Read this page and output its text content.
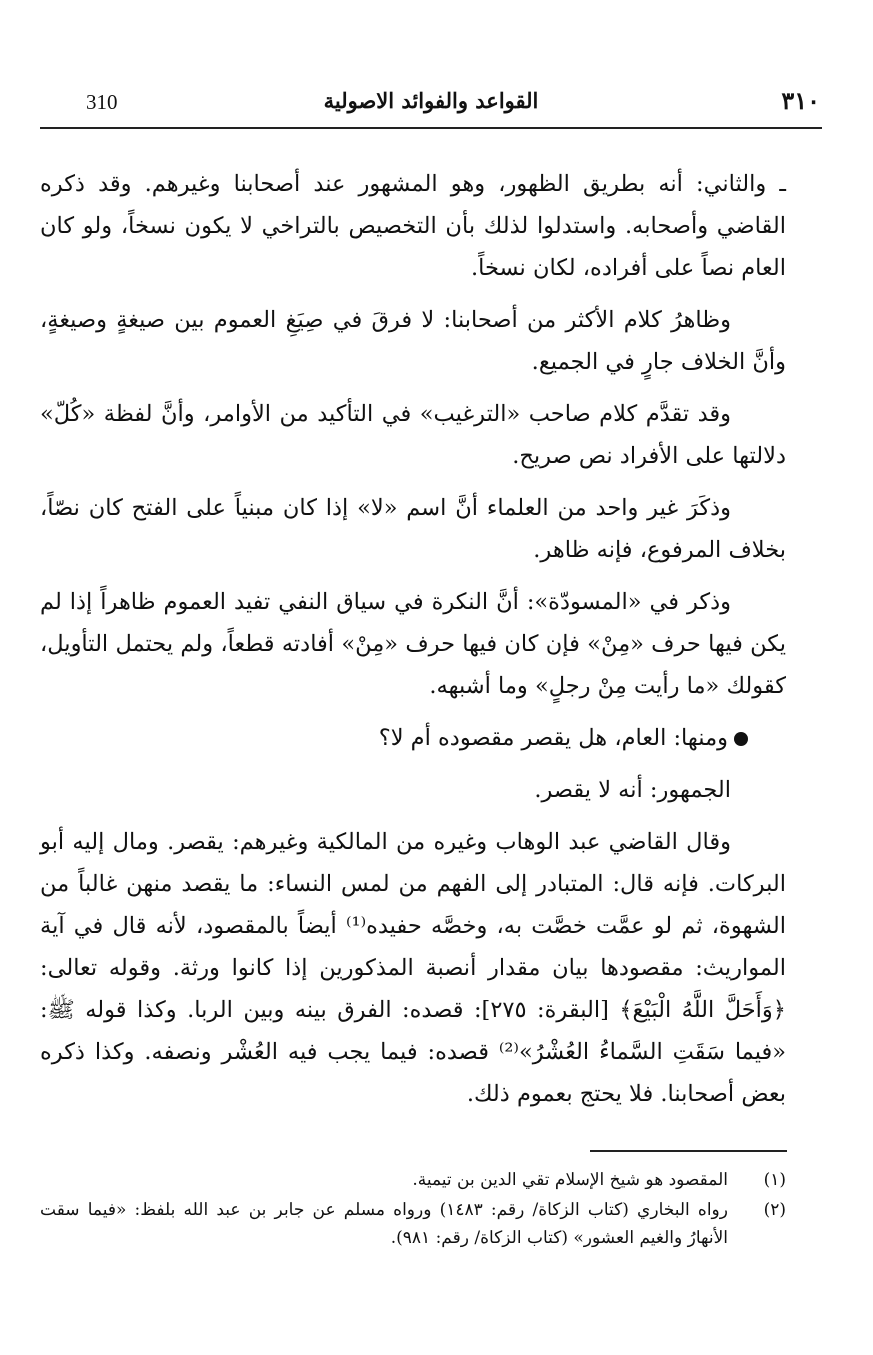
٣١٠
القواعد والفوائد الاصولية
310

ـ والثاني: أنه بطريق الظهور، وهو المشهور عند أصحابنا وغيرهم. وقد ذكره القاضي وأصحابه. واستدلوا لذلك بأن التخصيص بالتراخي لا يكون نسخاً، ولو كان العام نصاً على أفراده، لكان نسخاً.

وظاهرُ كلام الأكثر من أصحابنا: لا فرقَ في صِيَغِ العموم بين صيغةٍ وصيغةٍ، وأنَّ الخلاف جارٍ في الجميع.

وقد تقدَّم كلام صاحب «الترغيب» في التأكيد من الأوامر، وأنَّ لفظة «كُلّ» دلالتها على الأفراد نص صريح.

وذكَرَ غير واحد من العلماء أنَّ اسم «لا» إذا كان مبنياً على الفتح كان نصّاً، بخلاف المرفوع، فإنه ظاهر.

وذكر في «المسودّة»: أنَّ النكرة في سياق النفي تفيد العموم ظاهراً إذا لم يكن فيها حرف «مِنْ» فإن كان فيها حرف «مِنْ» أفادته قطعاً، ولم يحتمل التأويل، كقولك «ما رأيت مِنْ رجلٍ» وما أشبهه.

ومنها: العام، هل يقصر مقصوده أم لا؟

الجمهور: أنه لا يقصر.

وقال القاضي عبد الوهاب وغيره من المالكية وغيرهم: يقصر. ومال إليه أبو البركات. فإنه قال: المتبادر إلى الفهم من لمس النساء: ما يقصد منهن غالباً من الشهوة، ثم لو عمَّت خصَّت به، وخصَّه حفيده⁽¹⁾ أيضاً بالمقصود، لأنه قال في آية المواريث: مقصودها بيان مقدار أنصبة المذكورين إذا كانوا ورثة. وقوله تعالى: ﴿وَأَحَلَّ اللَّهُ الْبَيْعَ﴾ [البقرة: ٢٧٥]: قصده: الفرق بينه وبين الربا. وكذا قوله ﷺ: «فيما سَقَتِ السَّماءُ العُشْرُ»⁽²⁾ قصده: فيما يجب فيه العُشْر ونصفه. وكذا ذكره بعض أصحابنا. فلا يحتج بعموم ذلك.

(١)
المقصود هو شيخ الإسلام تقي الدين بن تيمية.
(٢)
رواه البخاري (كتاب الزكاة/ رقم: ١٤٨٣) ورواه مسلم عن جابر بن عبد الله بلفظ: «فيما سقت الأنهارُ والغيم العشور» (كتاب الزكاة/ رقم: ٩٨١).
